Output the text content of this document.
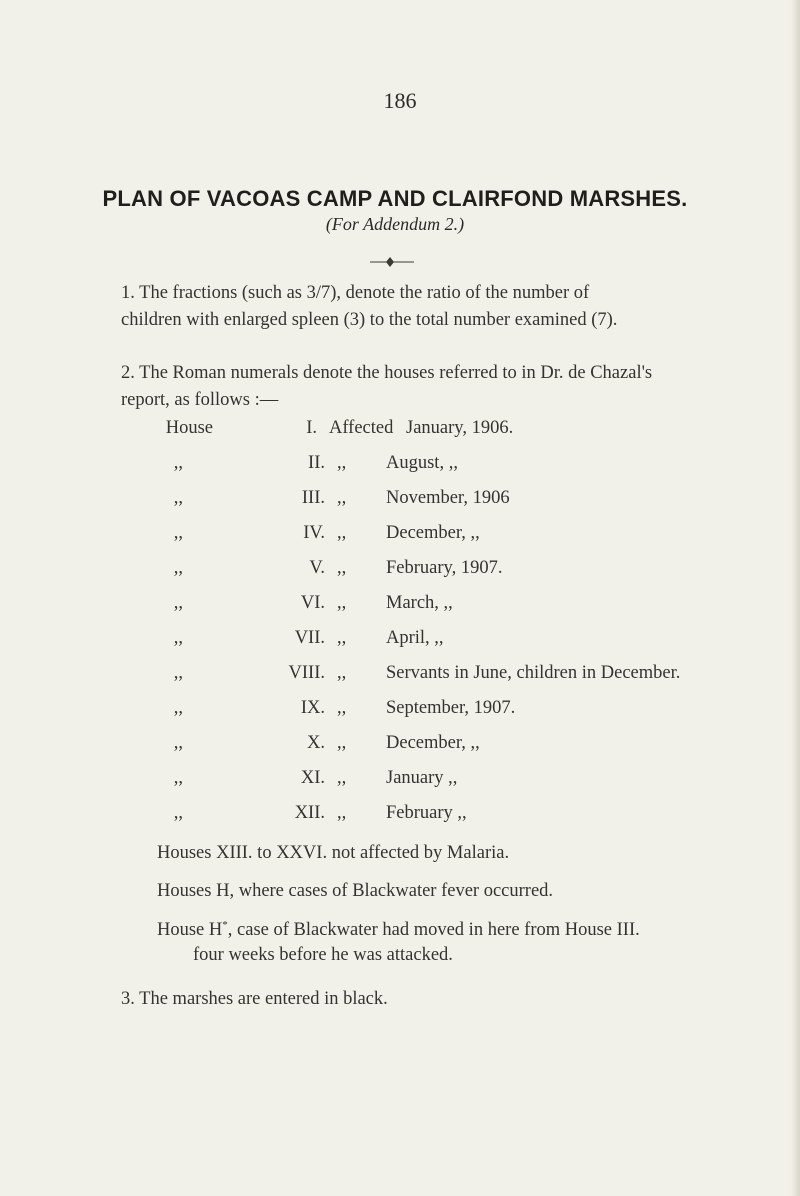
186
PLAN OF VACOAS CAMP AND CLAIRFOND MARSHES.
(For Addendum 2.)
1. The fractions (such as 3/7), denote the ratio of the number of
children with enlarged spleen (3) to the total number examined (7).
2. The Roman numerals denote the houses referred to in Dr. de Chazal's
report, as follows :—
House	I. Affected January, 1906.
,,	II. ,, August, ,,
,,	III. ,, November, 1906
,,	IV. ,, December, ,,
,,	V. ,, February, 1907.
,,	VI. ,, March, ,,
,,	VII. ,, April, ,,
,,	VIII. ,, Servants in June, children in December.
,,	IX. ,, September, 1907.
,,	X. ,, December, ,,
,,	XI. ,, January ,,
,,	XII. ,, February ,,
Houses XIII. to XXVI. not affected by Malaria.
Houses H, where cases of Blackwater fever occurred.
House H*, case of Blackwater had moved in here from House III.
four weeks before he was attacked.
3. The marshes are entered in black.
